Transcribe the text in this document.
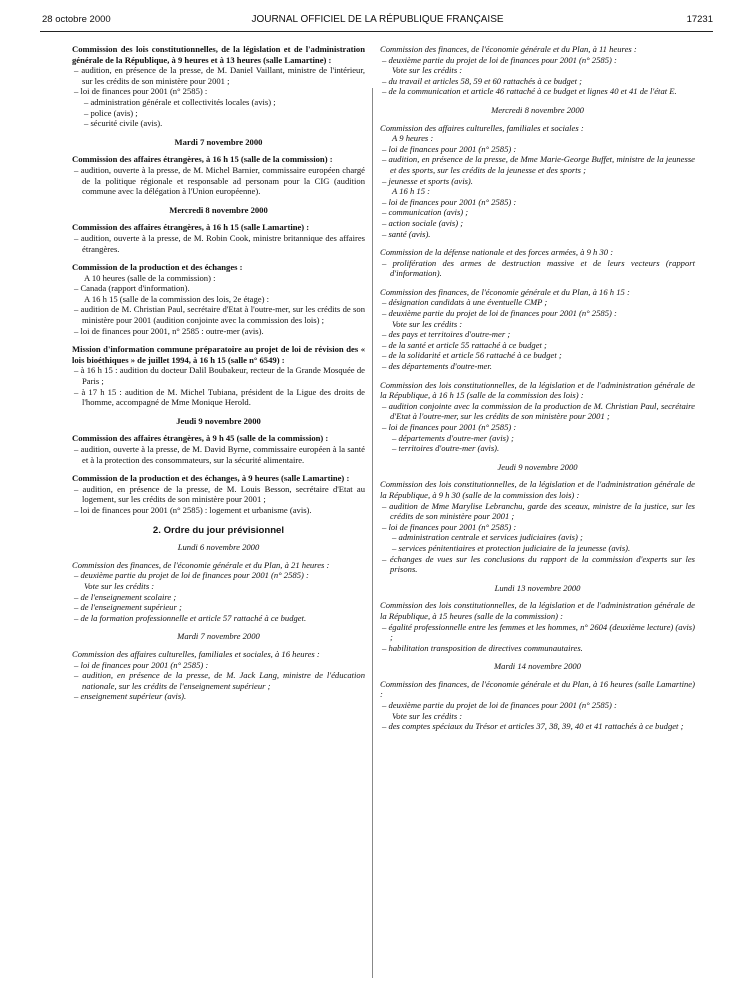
28 octobre 2000	JOURNAL OFFICIEL DE LA RÉPUBLIQUE FRANÇAISE	17231

Commission des lois constitutionnelles, de la législation et de l'administration générale de la République, à 9 heures et à 13 heures (salle Lamartine) :

– audition, en présence de la presse, de M. Daniel Vaillant, ministre de l'intérieur, sur les crédits de son ministère pour 2001 ;

– loi de finances pour 2001 (n° 2585) :

– administration générale et collectivités locales (avis) ;

– police (avis) ;

– sécurité civile (avis).

Mardi 7 novembre 2000

Commission des affaires étrangères, à 16 h 15 (salle de la commission) :

– audition, ouverte à la presse, de M. Michel Barnier, commissaire européen chargé de la politique régionale et responsable ad personam pour la CIG (audition commune avec la délégation à l'Union européenne).

Mercredi 8 novembre 2000

Commission des affaires étrangères, à 16 h 15 (salle Lamartine) :

– audition, ouverte à la presse, de M. Robin Cook, ministre britannique des affaires étrangères.

Commission de la production et des échanges :

A 10 heures (salle de la commission) :

– Canada (rapport d'information).

A 16 h 15 (salle de la commission des lois, 2e étage) :

– audition de M. Christian Paul, secrétaire d'Etat à l'outre-mer, sur les crédits de son ministère pour 2001 (audition conjointe avec la commission des lois) ;

– loi de finances pour 2001, n° 2585 : outre-mer (avis).

Mission d'information commune préparatoire au projet de loi de révision des « lois bioéthiques » de juillet 1994, à 16 h 15 (salle n° 6549) :

– à 16 h 15 : audition du docteur Dalil Boubakeur, recteur de la Grande Mosquée de Paris ;

– à 17 h 15 : audition de M. Michel Tubiana, président de la Ligue des droits de l'homme, accompagné de Mme Monique Herold.

Jeudi 9 novembre 2000

Commission des affaires étrangères, à 9 h 45 (salle de la commission) :

– audition, ouverte à la presse, de M. David Byrne, commissaire européen à la santé et à la protection des consommateurs, sur la sécurité alimentaire.

Commission de la production et des échanges, à 9 heures (salle Lamartine) :

– audition, en présence de la presse, de M. Louis Besson, secrétaire d'Etat au logement, sur les crédits de son ministère pour 2001 ;

– loi de finances pour 2001 (n° 2585) : logement et urbanisme (avis).

2. Ordre du jour prévisionnel

Lundi 6 novembre 2000

Commission des finances, de l'économie générale et du Plan, à 21 heures :

– deuxième partie du projet de loi de finances pour 2001 (n° 2585) :

Vote sur les crédits :

– de l'enseignement scolaire ;

– de l'enseignement supérieur ;

– de la formation professionnelle et article 57 rattaché à ce budget.

Mardi 7 novembre 2000

Commission des affaires culturelles, familiales et sociales, à 16 heures :

– loi de finances pour 2001 (n° 2585) :

– audition, en présence de la presse, de M. Jack Lang, ministre de l'éducation nationale, sur les crédits de l'enseignement supérieur ;

– enseignement supérieur (avis).

Commission des finances, de l'économie générale et du Plan, à 11 heures :

– deuxième partie du projet de loi de finances pour 2001 (n° 2585) :

Vote sur les crédits :

– du travail et articles 58, 59 et 60 rattachés à ce budget ;

– de la communication et article 46 rattaché à ce budget et lignes 40 et 41 de l'état E.

Mercredi 8 novembre 2000

Commission des affaires culturelles, familiales et sociales :

A 9 heures :

– loi de finances pour 2001 (n° 2585) :

– audition, en présence de la presse, de Mme Marie-George Buffet, ministre de la jeunesse et des sports, sur les crédits de la jeunesse et des sports ;

– jeunesse et sports (avis).

A 16 h 15 :

– loi de finances pour 2001 (n° 2585) :

– communication (avis) ;

– action sociale (avis) ;

– santé (avis).

Commission de la défense nationale et des forces armées, à 9 h 30 :

– prolifération des armes de destruction massive et de leurs vecteurs (rapport d'information).

Commission des finances, de l'économie générale et du Plan, à 16 h 15 :

– désignation candidats à une éventuelle CMP ;

– deuxième partie du projet de loi de finances pour 2001 (n° 2585) :

Vote sur les crédits :

– des pays et territoires d'outre-mer ;

– de la santé et article 55 rattaché à ce budget ;

– de la solidarité et article 56 rattaché à ce budget ;

– des départements d'outre-mer.

Commission des lois constitutionnelles, de la législation et de l'administration générale de la République, à 16 h 15 (salle de la commission des lois) :

– audition conjointe avec la commission de la production de M. Christian Paul, secrétaire d'Etat à l'outre-mer, sur les crédits de son ministère pour 2001 ;

– loi de finances pour 2001 (n° 2585) :

– départements d'outre-mer (avis) ;

– territoires d'outre-mer (avis).

Jeudi 9 novembre 2000

Commission des lois constitutionnelles, de la législation et de l'administration générale de la République, à 9 h 30 (salle de la commission des lois) :

– audition de Mme Marylise Lebranchu, garde des sceaux, ministre de la justice, sur les crédits de son ministère pour 2001 ;

– loi de finances pour 2001 (n° 2585) :

– administration centrale et services judiciaires (avis) ;

– services pénitentiaires et protection judiciaire de la jeunesse (avis).

– échanges de vues sur les conclusions du rapport de la commission d'experts sur les prisons.

Lundi 13 novembre 2000

Commission des lois constitutionnelles, de la législation et de l'administration générale de la République, à 15 heures (salle de la commission) :

– égalité professionnelle entre les femmes et les hommes, n° 2604 (deuxième lecture) (avis) ;

– habilitation transposition de directives communautaires.

Mardi 14 novembre 2000

Commission des finances, de l'économie générale et du Plan, à 16 heures (salle Lamartine) :

– deuxième partie du projet de loi de finances pour 2001 (n° 2585) :

Vote sur les crédits :

– des comptes spéciaux du Trésor et articles 37, 38, 39, 40 et 41 rattachés à ce budget ;
